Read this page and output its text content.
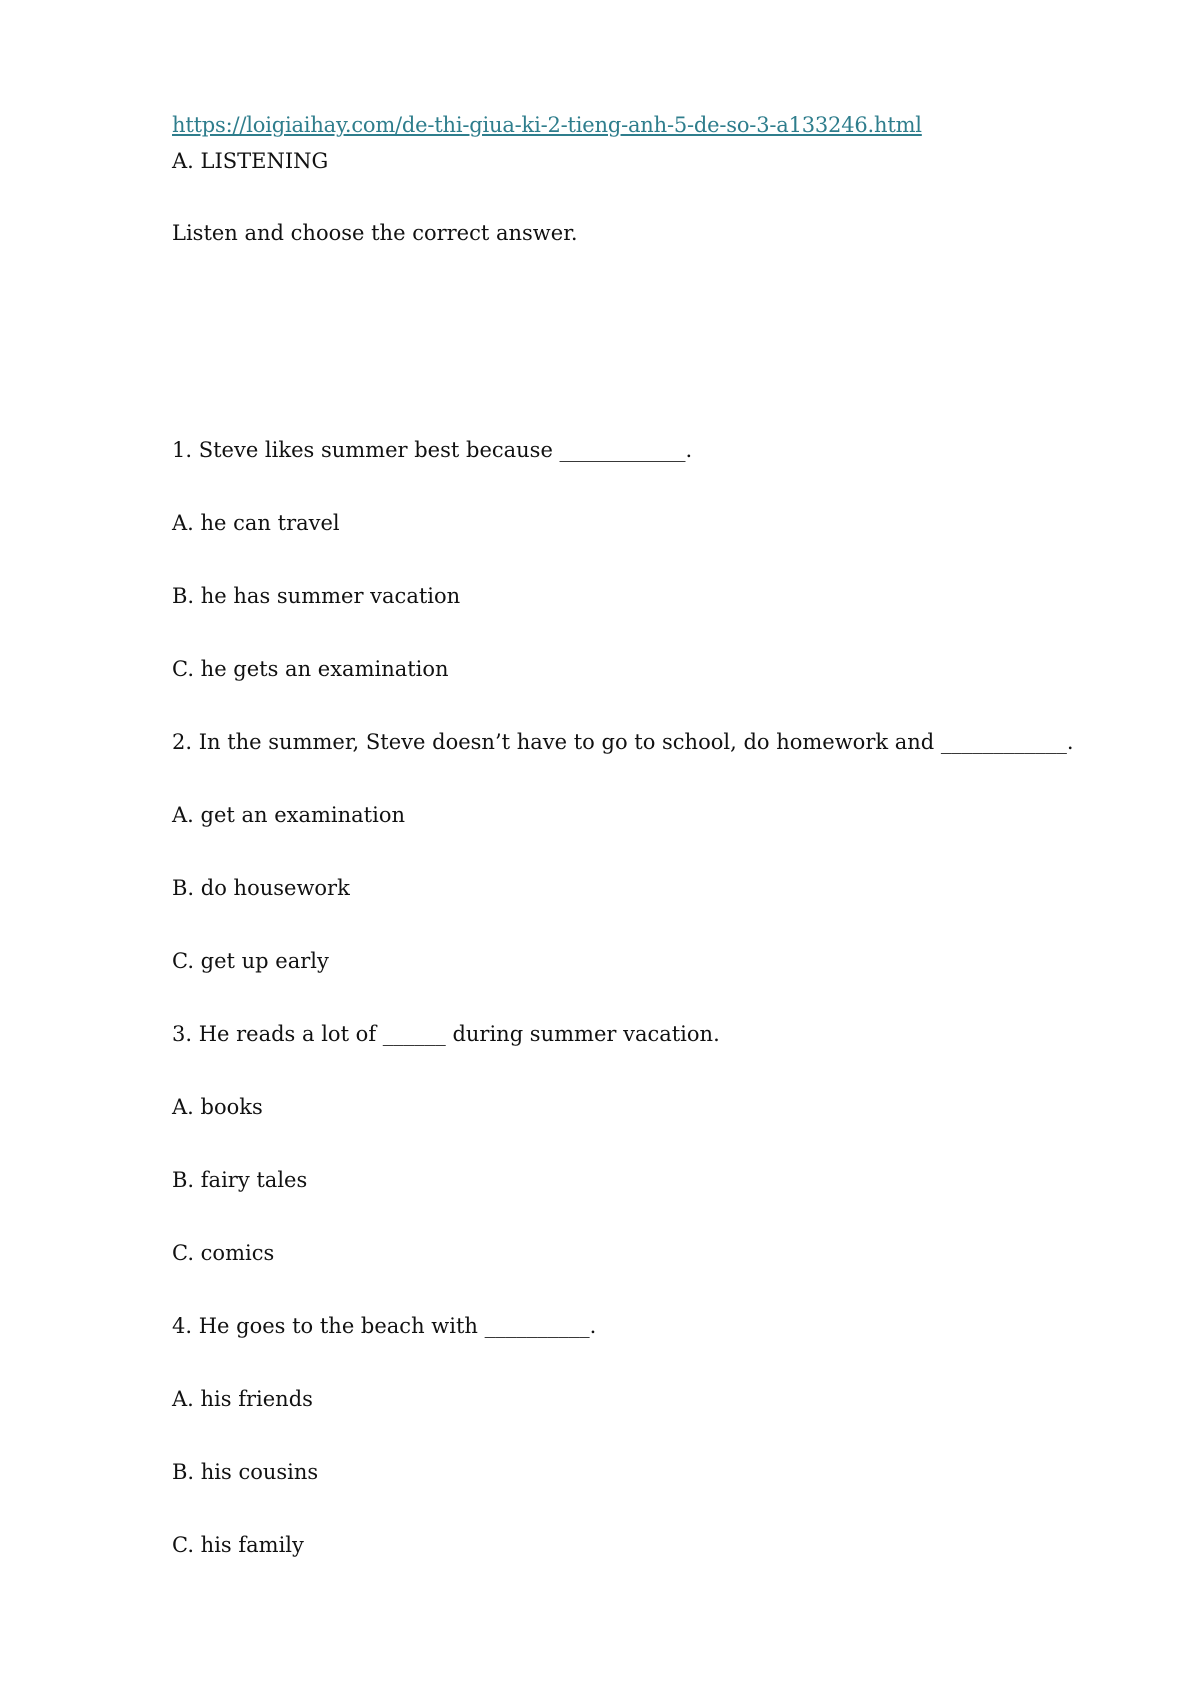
https://loigiaihay.com/de-thi-giua-ki-2-tieng-anh-5-de-so-3-a133246.html
A. LISTENING
Listen and choose the correct answer.
1. Steve likes summer best because ____________.
A. he can travel
B. he has summer vacation
C. he gets an examination
2. In the summer, Steve doesn’t have to go to school, do homework and ____________.
A. get an examination
B. do housework
C. get up early
3. He reads a lot of ______ during summer vacation.
A. books
B. fairy tales
C. comics
4. He goes to the beach with __________.
A. his friends
B. his cousins
C. his family
